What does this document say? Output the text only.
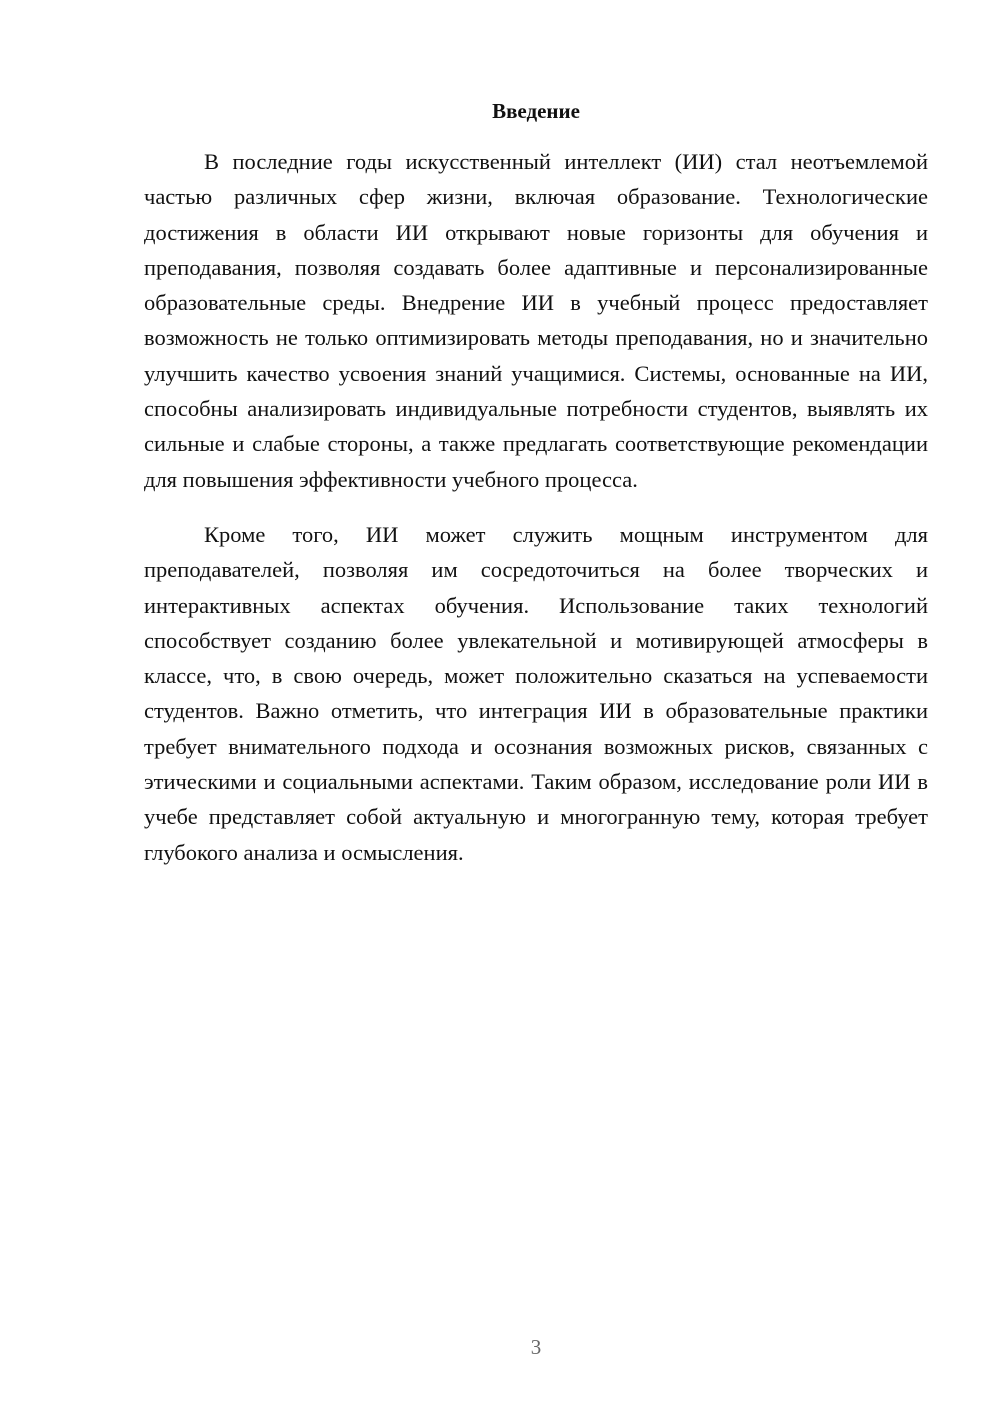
Введение

В последние годы искусственный интеллект (ИИ) стал неотъемлемой частью различных сфер жизни, включая образование. Технологические достижения в области ИИ открывают новые горизонты для обучения и преподавания, позволяя создавать более адаптивные и персонализированные образовательные среды. Внедрение ИИ в учебный процесс предоставляет возможность не только оптимизировать методы преподавания, но и значительно улучшить качество усвоения знаний учащимися. Системы, основанные на ИИ, способны анализировать индивидуальные потребности студентов, выявлять их сильные и слабые стороны, а также предлагать соответствующие рекомендации для повышения эффективности учебного процесса.

Кроме того, ИИ может служить мощным инструментом для преподавателей, позволяя им сосредоточиться на более творческих и интерактивных аспектах обучения. Использование таких технологий способствует созданию более увлекательной и мотивирующей атмосферы в классе, что, в свою очередь, может положительно сказаться на успеваемости студентов. Важно отметить, что интеграция ИИ в образовательные практики требует внимательного подхода и осознания возможных рисков, связанных с этическими и социальными аспектами. Таким образом, исследование роли ИИ в учебе представляет собой актуальную и многогранную тему, которая требует глубокого анализа и осмысления.

3
